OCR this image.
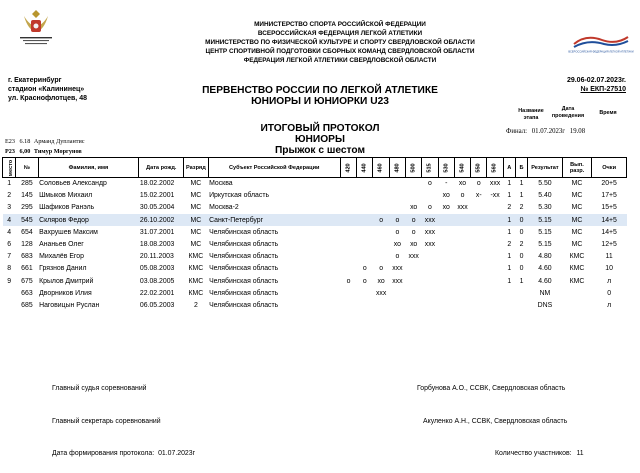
ВСЕРОССИЙСКАЯ ФЕДЕРАЦИЯ ЛЕГКОЙ АТЛЕТИКИ
МИНИСТЕРСТВО СПОРТА РОССИЙСКОЙ ФЕДЕРАЦИИ
ВСЕРОССИЙСКАЯ ФЕДЕРАЦИЯ ЛЕГКОЙ АТЛЕТИКИ
МИНИСТЕРСТВО ПО ФИЗИЧЕСКОЙ КУЛЬТУРЕ И СПОРТУ СВЕРДЛОВСКОЙ ОБЛАСТИ
ЦЕНТР СПОРТИВНОЙ ПОДГОТОВКИ СБОРНЫХ КОМАНД СВЕРДЛОВСКОЙ ОБЛАСТИ
ФЕДЕРАЦИЯ ЛЕГКОЙ АТЛЕТИКИ СВЕРДЛОВСКОЙ ОБЛАСТИ
г. Екатеринбург
стадион «Калининец»
ул. Краснофлотцев, 48
ПЕРВЕНСТВО РОССИИ ПО ЛЕГКОЙ АТЛЕТИКЕ
ЮНИОРЫ И ЮНИОРКИ U23
29.06-02.07.2023г.
№ ЕКП-27510
Название этапа
Дата проведения	Время
Финал: 01.07.2023г 19.08
ИТОГОВЫЙ ПРОТОКОЛ
ЮНИОРЫ
Прыжок с шестом
E23 6.18 Арманд Дуплантис
P23 6,00 Тимур Моргунов
место	№	Фамилия, имя	Дата рожд.	Разряд	Субъект Российской Федерации	420	440	460	480	500	515	530	540	550	560	А	Б	Результат	Вып. разр.	Очки
1	285	Соловьев Александр	18.02.2002	МС	Москва						о	-	хо	о	ххх	1	1	5.50	МС	20+5
2	145	Шмыков Михаил	15.02.2001	МС	Иркутская область							хо	о	х-	-хх	1	1	5.40	МС	17+5
3	295	Шафиков Ранэль	30.05.2004	МС	Москва-2					хо	о	хо	ххх			2	2	5.30	МС	15+5
4	545	Скляров Федор	26.10.2002	МС	Санкт-Петербург			о	о	о	ххх					1	0	5.15	МС	14+5
4	654	Вахрушев Максим	31.07.2001	МС	Челябинская область				о	о	ххх					1	0	5.15	МС	14+5
6	128	Ананьев Олег	18.08.2003	МС	Челябинская область				хо	хо	ххх					2	2	5.15	МС	12+5
7	683	Михалёв Егор	20.11.2003	КМС	Челябинская область				о	ххх						1	0	4.80	КМС	11
8	661	Грязнов Данил	05.08.2003	КМС	Челябинская область		о	о	ххх							1	0	4.60	КМС	10
9	675	Крылов Дмитрий	03.08.2005	КМС	Челябинская область	о	о	хо	ххх							1	1	4.60	КМС	л
	663	Дворников Илия	22.02.2001	КМС	Челябинская область			ххх										NM		0
	685	Наговицын Руслан	06.05.2003	2	Челябинская область													DNS		л
Главный судья соревнований	Горбунова А.О., ССВК, Свердловская область
Главный секретарь соревнований	Акуленко А.Н., ССВК, Свердловская область
Дата формирования протокола: 01.07.2023г	Количество участников: 11
